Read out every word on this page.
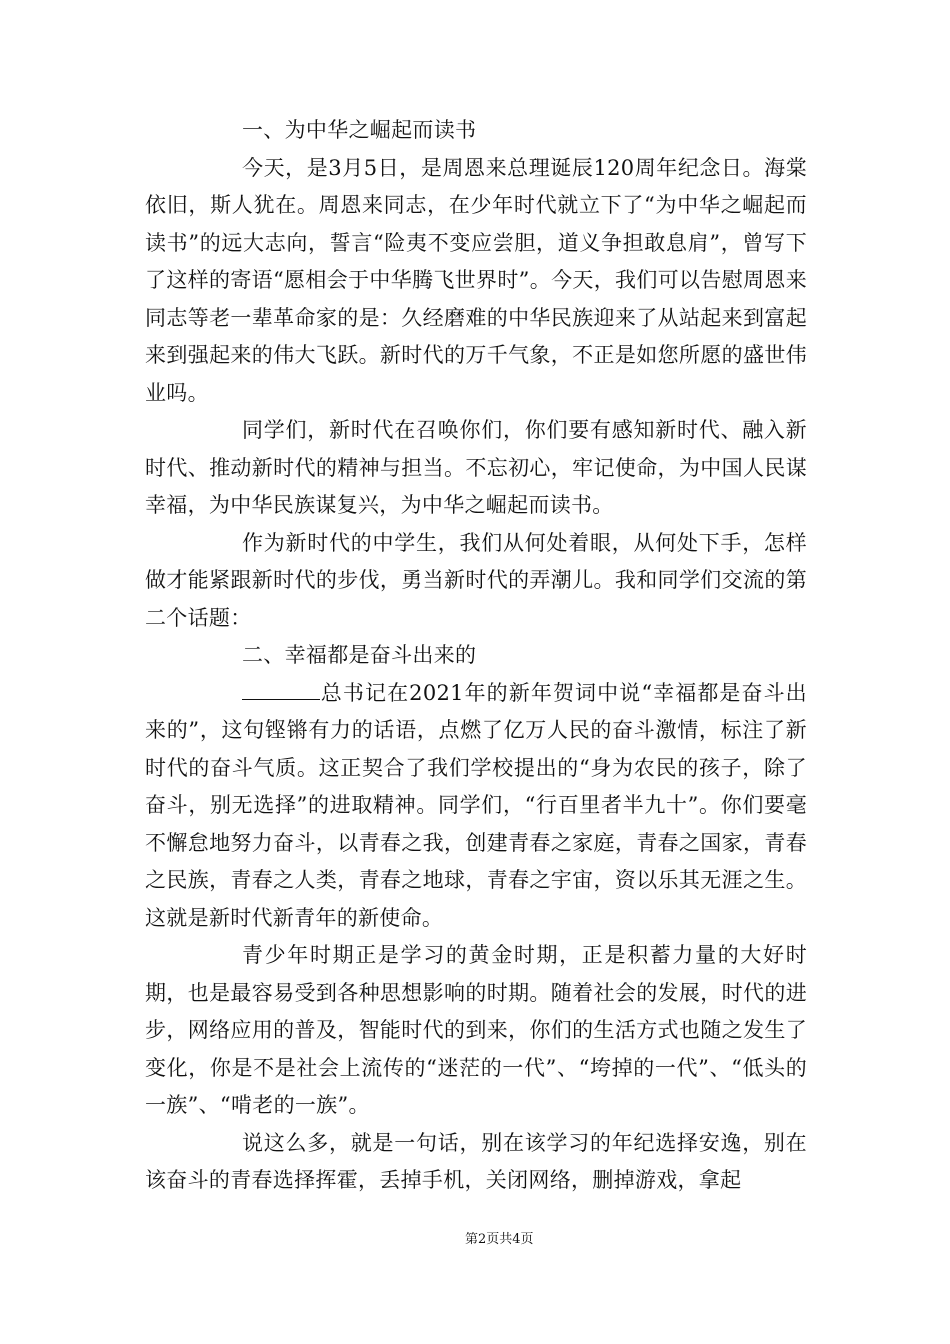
一、为中华之崛起而读书

今天，是3月5日，是周恩来总理诞辰120周年纪念日。海棠依旧，斯人犹在。周恩来同志，在少年时代就立下了“为中华之崛起而读书”的远大志向，誓言“险夷不变应尝胆，道义争担敢息肩”，曾写下了这样的寄语“愿相会于中华腾飞世界时”。今天，我们可以告慰周恩来同志等老一辈革命家的是：久经磨难的中华民族迎来了从站起来到富起来到强起来的伟大飞跃。新时代的万千气象，不正是如您所愿的盛世伟业吗。

同学们，新时代在召唤你们，你们要有感知新时代、融入新时代、推动新时代的精神与担当。不忘初心，牢记使命，为中国人民谋幸福，为中华民族谋复兴，为中华之崛起而读书。

作为新时代的中学生，我们从何处着眼，从何处下手，怎样做才能紧跟新时代的步伐，勇当新时代的弄潮儿。我和同学们交流的第二个话题：

二、幸福都是奋斗出来的

总书记在2021年的新年贺词中说“幸福都是奋斗出来的”，这句铿锵有力的话语，点燃了亿万人民的奋斗激情，标注了新时代的奋斗气质。这正契合了我们学校提出的“身为农民的孩子，除了奋斗，别无选择”的进取精神。同学们，“行百里者半九十”。你们要毫不懈怠地努力奋斗，以青春之我，创建青春之家庭，青春之国家，青春之民族，青春之人类，青春之地球，青春之宇宙，资以乐其无涯之生。这就是新时代新青年的新使命。

青少年时期正是学习的黄金时期，正是积蓄力量的大好时期，也是最容易受到各种思想影响的时期。随着社会的发展，时代的进步，网络应用的普及，智能时代的到来，你们的生活方式也随之发生了变化，你是不是社会上流传的“迷茫的一代”、“垮掉的一代”、“低头的一族”、“啃老的一族”。

说这么多，就是一句话，别在该学习的年纪选择安逸，别在该奋斗的青春选择挥霍，丢掉手机，关闭网络，删掉游戏，拿起

第2页共4页
